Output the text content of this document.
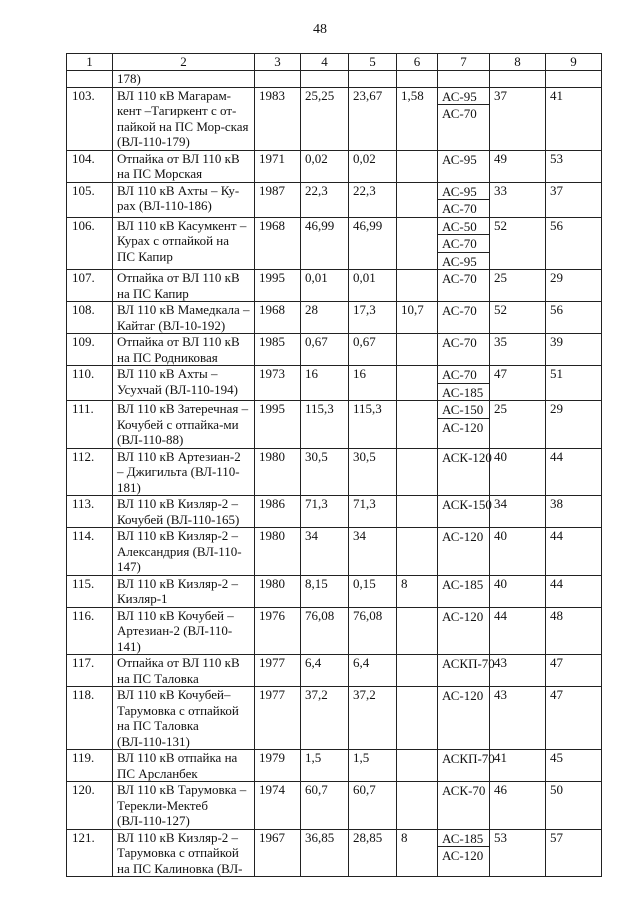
48
1	2	3	4	5	6	7	8	9
	178)					

103.	ВЛ 110 кВ Магарам-кент –Тагиркент с от-пайкой на ПС Мор-ская (ВЛ-110-179)	1983	25,25	23,67	1,58	АС-95
АС-70	37	41
104.	Отпайка от ВЛ 110 кВ на ПС Морская	1971	0,02	0,02		АС-95	49	53
105.	ВЛ 110 кВ Ахты – Ку-рах (ВЛ-110-186)	1987	22,3	22,3		АС-95
АС-70	33	37
106.	ВЛ 110 кВ Касумкент – Курах с отпайкой на ПС Капир	1968	46,99	46,99		АС-50
АС-70
АС-95	52	56
107.	Отпайка от ВЛ 110 кВ на ПС Капир	1995	0,01	0,01		АС-70	25	29
108.	ВЛ 110 кВ Мамедкала – Кайтаг (ВЛ-10-192)	1968	28	17,3	10,7	АС-70	52	56
109.	Отпайка от ВЛ 110 кВ на ПС Родниковая	1985	0,67	0,67		АС-70	35	39
110.	ВЛ 110 кВ Ахты – Усухчай (ВЛ-110-194)	1973	16	16		АС-70
АС-185	47	51
111.	ВЛ 110 кВ Затеречная – Кочубей с отпайка-ми (ВЛ-110-88)	1995	115,3	115,3		АС-150
АС-120	25	29
112.	ВЛ 110 кВ Артезиан-2 – Джигильта (ВЛ-110-181)	1980	30,5	30,5		АСК-120	40	44
113.	ВЛ 110 кВ Кизляр-2 – Кочубей (ВЛ-110-165)	1986	71,3	71,3		АСК-150	34	38
114.	ВЛ 110 кВ Кизляр-2 – Александрия (ВЛ-110-147)	1980	34	34		АС-120	40	44
115.	ВЛ 110 кВ Кизляр-2 – Кизляр-1	1980	8,15	0,15	8	АС-185	40	44
116.	ВЛ 110 кВ Кочубей – Артезиан-2 (ВЛ-110-141)	1976	76,08	76,08		АС-120	44	48
117.	Отпайка от ВЛ 110 кВ на ПС Таловка	1977	6,4	6,4		АСКП-70	43	47
118.	ВЛ 110 кВ Кочубей– Тарумовка с отпайкой на ПС Таловка (ВЛ-110-131)	1977	37,2	37,2		АС-120	43	47
119.	ВЛ 110 кВ отпайка на ПС Арсланбек	1979	1,5	1,5		АСКП-70	41	45
120.	ВЛ 110 кВ Тарумовка – Терекли-Мектеб (ВЛ-110-127)	1974	60,7	60,7		АСК-70	46	50
121.	ВЛ 110 кВ Кизляр-2 – Тарумовка с отпайкой на ПС Калиновка (ВЛ-	1967	36,85	28,85	8	АС-185
АС-120	53	57
